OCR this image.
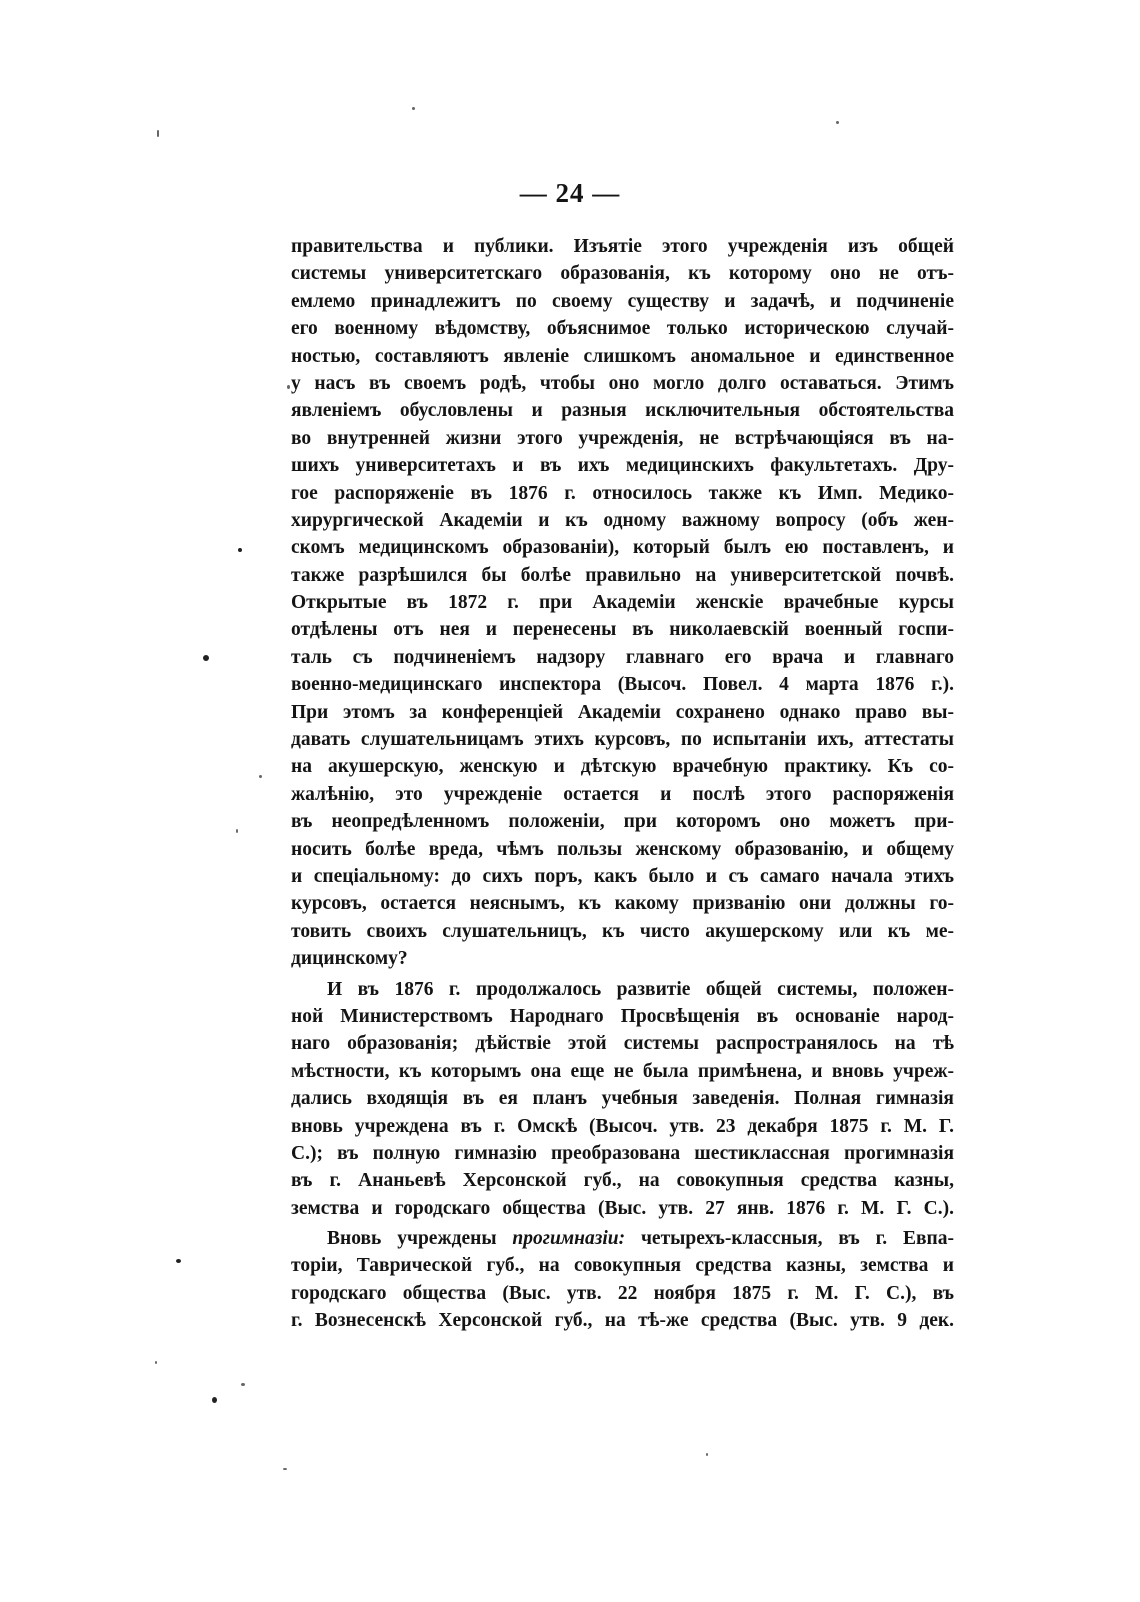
— 24 —
правительства и публики. Изъятіе этого учрежденія изъ общей
системы университетскаго образованія, къ которому оно не отъ-
емлемо принадлежитъ по своему существу и задачѣ, и подчиненіе
его военному вѣдомству, объяснимое только историческою случай-
ностью, составляютъ явленіе слишкомъ аномальное и единственное
у насъ въ своемъ родѣ, чтобы оно могло долго оставаться. Этимъ
явленіемъ обусловлены и разныя исключительныя обстоятельства
во внутренней жизни этого учрежденія, не встрѣчающіяся въ на-
шихъ университетахъ и въ ихъ медицинскихъ факультетахъ. Дру-
гое распоряженіе въ 1876 г. относилось также къ Имп. Медико-
хирургической Академіи и къ одному важному вопросу (объ жен-
скомъ медицинскомъ образованіи), который былъ ею поставленъ, и
также разрѣшился бы болѣе правильно на университетской почвѣ.
Открытые въ 1872 г. при Академіи женскіе врачебные курсы
отдѣлены отъ нея и перенесены въ николаевскій военный госпи-
таль съ подчиненіемъ надзору главнаго его врача и главнаго
военно-медицинскаго инспектора (Высоч. Повел. 4 марта 1876 г.).
При этомъ за конференціей Академіи сохранено однако право вы-
давать слушательницамъ этихъ курсовъ, по испытаніи ихъ, аттестаты
на акушерскую, женскую и дѣтскую врачебную практику. Къ со-
жалѣнію, это учрежденіе остается и послѣ этого распоряженія
въ неопредѣленномъ положеніи, при которомъ оно можетъ при-
носить болѣе вреда, чѣмъ пользы женскому образованію, и общему
и спеціальному: до сихъ поръ, какъ было и съ самаго начала этихъ
курсовъ, остается неяснымъ, къ какому призванію они должны го-
товить своихъ слушательницъ, къ чисто акушерскому или къ ме-
дицинскому?
И въ 1876 г. продолжалось развитіе общей системы, положен-
ной Министерствомъ Народнаго Просвѣщенія въ основаніе народ-
наго образованія; дѣйствіе этой системы распространялось на тѣ
мѣстности, къ которымъ она еще не была примѣнена, и вновь учреж-
дались входящія въ ея планъ учебныя заведенія. Полная гимназія
вновь учреждена въ г. Омскѣ (Высоч. утв. 23 декабря 1875 г. М. Г.
С.); въ полную гимназію преобразована шестиклассная прогимназія
въ г. Ананьевѣ Херсонской губ., на совокупныя средства казны,
земства и городскаго общества (Выс. утв. 27 янв. 1876 г. М. Г. С.).
Вновь учреждены прогимназіи: четырехъ-классныя, въ г. Евпа-
торіи, Таврической губ., на совокупныя средства казны, земства и
городскаго общества (Выс. утв. 22 ноября 1875 г. М. Г. С.), въ
г. Вознесенскѣ Херсонской губ., на тѣ-же средства (Выс. утв. 9 дек.
